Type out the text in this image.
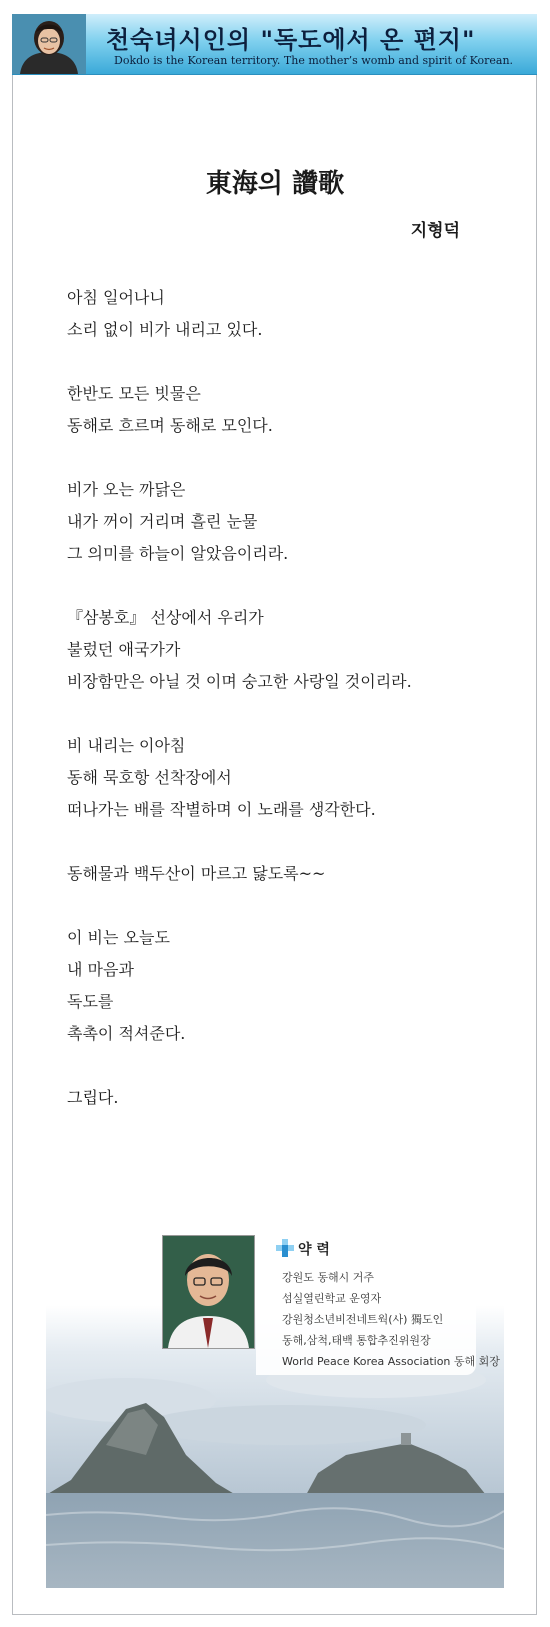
천숙녀시인의 "독도에서 온 편지"
Dokdo is the Korean territory. The mother’s womb and spirit of Korean.
東海의 讚歌
지형덕
아침 일어나니
소리 없이 비가 내리고 있다.
한반도 모든 빗물은
동해로 흐르며 동해로 모인다.
비가 오는 까닭은
내가 꺼이 거리며 흘린 눈물
그 의미를 하늘이 알았음이리라.
『삼봉호』 선상에서 우리가
불렀던 애국가가
비장함만은 아닐 것 이며 숭고한 사랑일 것이리라.
비 내리는 이아침
동해 묵호항 선착장에서
떠나가는 배를 작별하며 이 노래를 생각한다.
동해물과 백두산이 마르고 닳도록~~
이 비는 오늘도
내 마음과
독도를
촉촉이 적셔준다.
그립다.
약 력
강원도 동해시 거주
섬실열린학교 운영자
강원청소년비전네트웍(사) 獨도인
동해,삼척,태백 통합추진위원장
World Peace Korea Association 동해 회장
